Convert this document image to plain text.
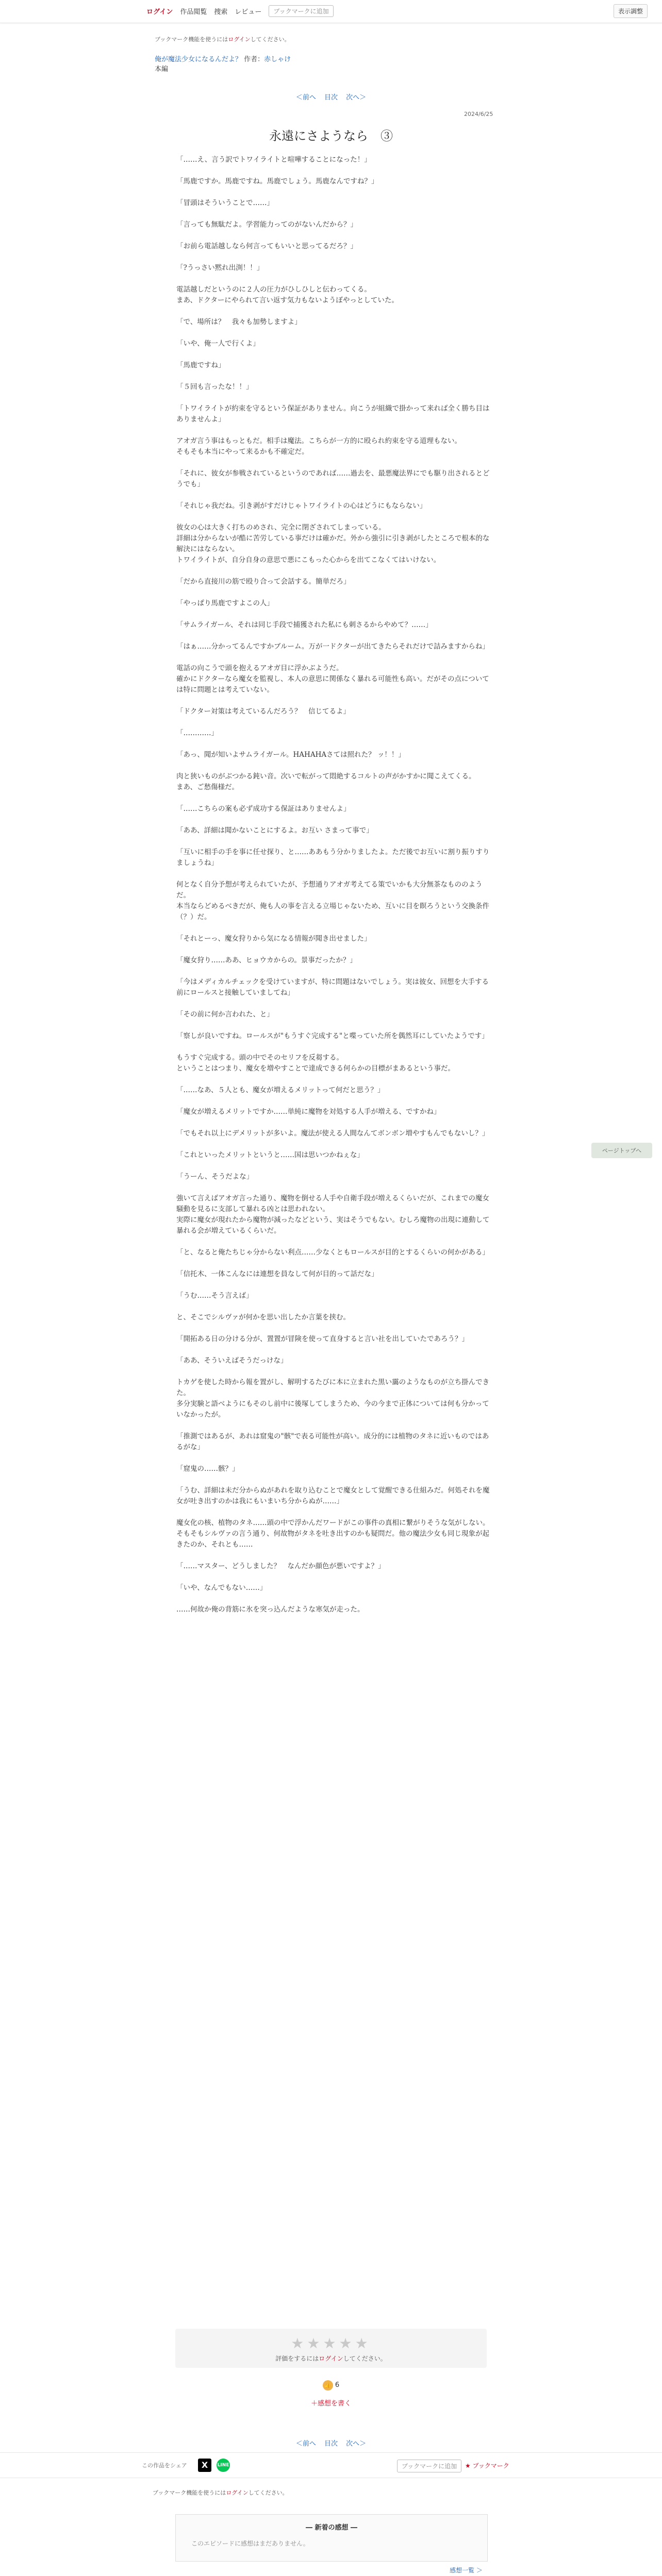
ログイン 作品閲覧 捜索 レビュー	ブックマークに追加	表示調整
ブックマーク機能を使うにはログインしてください。
俺が魔法少女になるんだよ？ 作者：赤しゃけ
本編
＜前へ 目次 次へ＞
2024/6/25
永遠にさようなら　③

「……え、言う訳でトワイライトと喧嘩することになった！」

「馬鹿ですか。馬鹿ですね。馬鹿でしょう。馬鹿なんですね？」

「冒頭はそういうことで……」

「言っても無駄だよ。学習能力ってのがないんだから？」

「お前ら電話越しなら何言ってもいいと思ってるだろ？」

「?うっさい黙れ出渕！！」

電話越しだというのに２人の圧力がひしひしと伝わってくる。

まあ、ドクターにやられて言い返す気力もないようぼやっとしていた。

「で、場所は？　我々も加勢しますよ」

「いや、俺一人で行くよ」

「馬鹿ですね」

「５回も言ったな！！」

「トワイライトが約束を守るという保証がありません。向こうが組織で掛かって来れば全く勝ち目はありませんよ」

アオガ言う事はもっともだ。相手は魔法。こちらが一方的に殴られ約束を守る道理もない。

そもそも本当にやって来るかも不確定だ。

「それに、彼女が参戦されているというのであれば……過去を、最悪魔法界にでも駆り出されるとどうでも」

「それじゃ我だね。引き剥がすだけじゃトワイライトの心はどうにもならない」

彼女の心は大きく打ちのめされ、完全に閉ざされてしまっている。

詳細は分からないが酷に苦労している事だけは確かだ。外から強引に引き剥がしたところで根本的な解決にはならない。

トワイライトが、自分自身の意思で悪にこもった心からを出てこなくてはいけない。

「だから直接川の筋で殴り合って会話する。簡単だろ」

「やっぱり馬鹿ですよこの人」

「サムライガール、それは同じ手段で捕獲された私にも刺さるからやめて？……」

「はぁ……分かってるんですかブルーム。万が一ドクターが出てきたらそれだけで詰みますからね」

電話の向こうで頭を抱えるアオガ目に浮かぶようだ。

確かにドクターなら魔女を監視し、本人の意思に関係なく暴れる可能性も高い。だがその点については特に問題とは考えていない。

「ドクター対策は考えているんだろう？　信じてるよ」

「…………」

「あっ、聞が知いよサムライガール。HAHAHAさては照れた？ ッ！！」

肉と狭いものがぶつかる鈍い音。次いで転がって悶絶するコルトの声がかすかに聞こえてくる。

まあ、ご愁傷様だ。

「……こちらの案も必ず成功する保証はありませんよ」

「ああ、詳細は聞かないことにするよ。お互い さまって事で」

「互いに相手の手を事に任せ探り、と……ああもう分かりましたよ。ただ後でお互いに割り振りすりましょうね」

何となく自分予想が考えられていたが、予想通りアオガ考えてる策でいかも大分無茶なもののようだ。

本当ならどめるべきだが、俺も人の事を言える立場じゃないため、互いに目を瞑ろうという交換条件（？）だ。

「それとーっ、魔女狩りから気になる情報が聞き出せました」

「魔女狩り……ああ、ヒョウカからの。景事だったか？」

「今はメディカルチェックを受けていますが、特に問題はないでしょう。実は彼女、回想を大手する前にロールスと接触していましてね」

「その前に何か言われた、と」

「察しが良いですね。ロールスが"もうすぐ完成する"と喋っていた所を偶然耳にしていたようです」

もうすぐ完成する。頭の中でそのセリフを反芻する。

ということはつまり、魔女を増やすことで達成できる何らかの目標がまあるという事だ。

「……なあ、５人とも、魔女が増えるメリットって何だと思う？」

「魔女が増えるメリットですか……単純に魔物を対処する人手が増える、ですかね」

「でもそれ以上にデメリットが多いよ。魔法が使える人間なんてボンボン増やすもんでもないし？」

「これといったメリットというと……国は思いつかねぇな」

「うーん、そうだよな」

強いて言えばアオガ言った通り、魔物を倒せる人手や自衛手段が増えるくらいだが、これまでの魔女騒動を見るに支部して暴れる凶とは思われない。

実際に魔女が現れたから魔物が減ったなどという、実はそうでもない。むしろ魔物の出現に連動して暴れる会が増えているくらいだ。

「と、なると俺たちじゃ分からない利点……少なくともロールスが目的とするくらいの何かがある」

「信托木、一体こんなには連想を員なして何が目的って話だな」

「うむ……そう言えば」

と、そこでシルヴァが何かを思い出したか言葉を挟む。

「開拓ある日の分ける分が、置置が冒険を使って直身すると言い社を出していたであろう？」

「ああ、そういえばそうだっけな」

トカゲを使した時から報を置がし、解明するたびに本に立まれた黒い靄のようなものが立ち掛んできた。

多分実験と語べようにもそのし前中に後塚してしまうため、今の今まで正体については何も分かっていなかったが。

「推測ではあるが、あれは窟鬼の"骸"で表る可能性が高い。成分的には植物のタネに近いものではあるがな」

「窟鬼の……骸？」

「うむ、詳細は未だ分からぬがあれを取り込むことで魔女として覚醒できる仕組みだ。何処それを魔女が吐き出すのかは我にもいまいち分からぬが……」

魔女化の核、植物のタネ……頭の中で浮かんだワードがこの事件の真相に繋がりそうな気がしない。

そもそもシルヴァの言う通り、何故物がタネを吐き出すのかも疑問だ。他の魔法少女も同じ現象が起きたのか、それとも……

「……マスター、どうしました？　なんだか顔色が悪いですよ？」

「いや、なんでもない……」

……何故か俺の背筋に氷を突っ込んだような寒気が走った。

ページトップへ
★★★★★
評価をするにはログインしてください。
👍 6
＋感想を書く
＜前へ 目次 次へ＞
この作品をシェア	X	LINE	ブックマークに追加	★ ブックマーク
ブックマーク機能を使うにはログインしてください。
― 新着の感想 ―
このエピソードに感想はまだありません。
感想一覧 ＞
